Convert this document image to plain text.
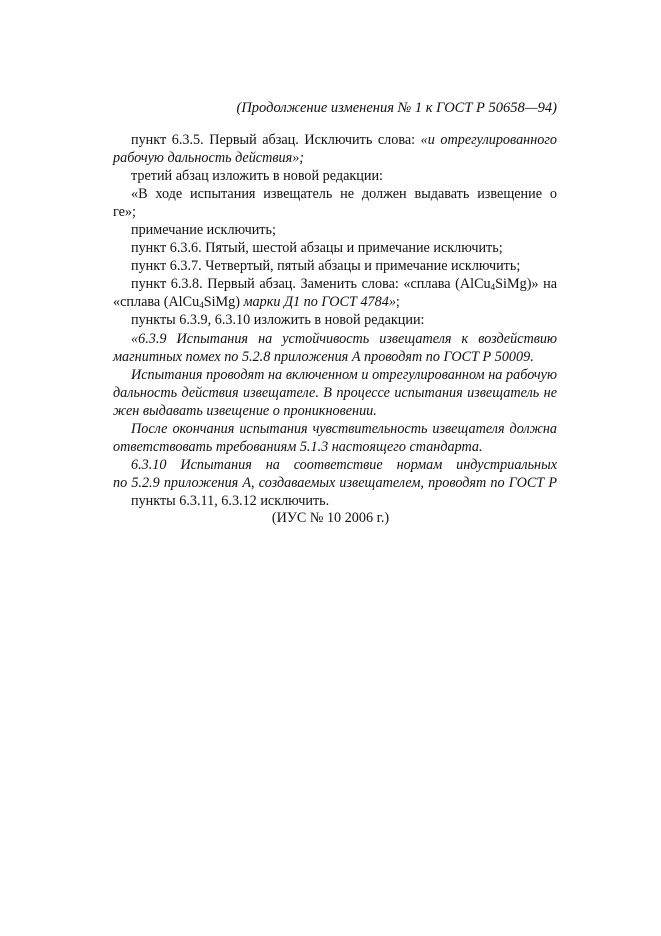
(Продолжение изменения № 1 к ГОСТ Р 50658—94)
пункт 6.3.5. Первый абзац. Исключить слова: «и отрегулированного
рабочую дальность действия»;
третий абзац изложить в новой редакции:
«В ходе испытания извещатель не должен выдавать извещение о
ге»;
примечание исключить;
пункт 6.3.6. Пятый, шестой абзацы и примечание исключить;
пункт 6.3.7. Четвертый, пятый абзацы и примечание исключить;
пункт 6.3.8. Первый абзац. Заменить слова: «сплава (AlCu$_4$SiMg)» на
«сплава (AlCu$_4$SiMg) марки Д1 по ГОСТ 4784»;
пункты 6.3.9, 6.3.10 изложить в новой редакции:
«6.3.9 Испытания на устойчивость извещателя к воздействию
магнитных помех по 5.2.8 приложения А проводят по ГОСТ Р 50009.
Испытания проводят на включенном и отрегулированном на рабочую
дальность действия извещателе. В процессе испытания извещатель не
жен выдавать извещение о проникновении.
После окончания испытания чувствительность извещателя должна
ответствовать требованиям 5.1.3 настоящего стандарта.
6.3.10 Испытания на соответствие нормам индустриальных
по 5.2.9 приложения А, создаваемых извещателем, проводят по ГОСТ Р
пункты 6.3.11, 6.3.12 исключить.
(ИУС № 10 2006 г.)
